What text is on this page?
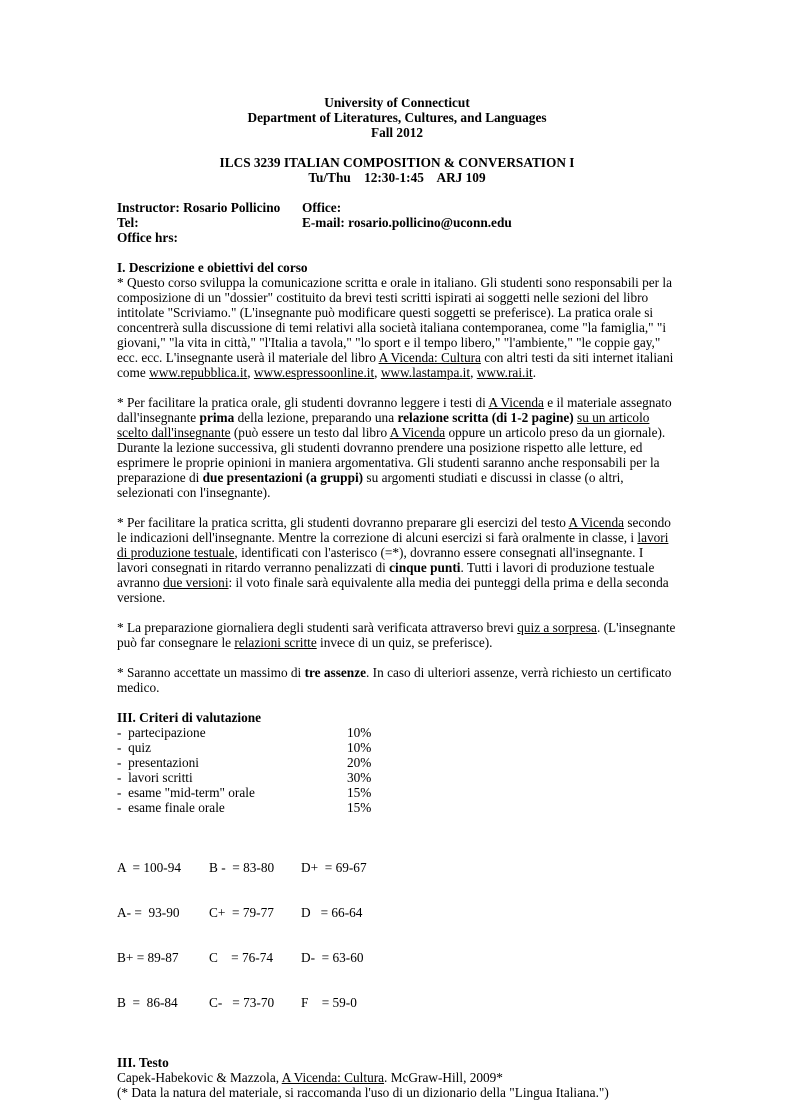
University of Connecticut

Department of Literatures, Cultures, and Languages

Fall 2012

ILCS 3239 ITALIAN COMPOSITION & CONVERSATION I

Tu/Thu    12:30-1:45    ARJ 109

Instructor: Rosario Pollicino	Office:
Tel:	E-mail: rosario.pollicino@uconn.edu

Office hrs:

I. Descrizione e obiettivi del corso

* Questo corso sviluppa la comunicazione scritta e orale in italiano. Gli studenti sono responsabili per la composizione di un "dossier" costituito da brevi testi scritti ispirati ai soggetti nelle sezioni del libro intitolate "Scriviamo." (L'insegnante può modificare questi soggetti se preferisce). La pratica orale si concentrerà sulla discussione di temi relativi alla società italiana contemporanea, come "la famiglia," "i giovani," "la vita in città," "l'Italia a tavola," "lo sport e il tempo libero," "l'ambiente," "le coppie gay," ecc. ecc. L'insegnante userà il materiale del libro A Vicenda: Cultura con altri testi da siti internet italiani come www.repubblica.it, www.espressoonline.it, www.lastampa.it, www.rai.it.

* Per facilitare la pratica orale, gli studenti dovranno leggere i testi di A Vicenda e il materiale assegnato dall'insegnante prima della lezione, preparando una relazione scritta (di 1-2 pagine) su un articolo scelto dall'insegnante (può essere un testo dal libro A Vicenda oppure un articolo preso da un giornale). Durante la lezione successiva, gli studenti dovranno prendere una posizione rispetto alle letture, ed esprimere le proprie opinioni in maniera argomentativa. Gli studenti saranno anche responsabili per la preparazione di due presentazioni (a gruppi) su argomenti studiati e discussi in classe (o altri, selezionati con l'insegnante).

* Per facilitare la pratica scritta, gli studenti dovranno preparare gli esercizi del testo A Vicenda secondo le indicazioni dell'insegnante. Mentre la correzione di alcuni esercizi si farà oralmente in classe, i lavori di produzione testuale, identificati con l'asterisco (=*), dovranno essere consegnati all'insegnante. I lavori consegnati in ritardo verranno penalizzati di cinque punti. Tutti i lavori di produzione testuale avranno due versioni: il voto finale sarà equivalente alla media dei punteggi della prima e della seconda versione.

* La preparazione giornaliera degli studenti sarà verificata attraverso brevi quiz a sorpresa. (L'insegnante può far consegnare le relazioni scritte invece di un quiz, se preferisce).

* Saranno accettate un massimo di tre assenze. In caso di ulteriori assenze, verrà richiesto un certificato medico.

III. Criteri di valutazione

-  partecipazione	10%
-  quiz	10%
-  presentazioni	20%
-  lavori scritti	30%
-  esame "mid-term" orale	15%
-  esame finale orale	15%

A  = 100-94	B -  = 83-80	D+  = 69-67

A- =  93-90	C+  = 79-77	D   = 66-64

B+ = 89-87	C    = 76-74	D-  = 63-60

B  =  86-84	C-   = 73-70	F    = 59-0

III. Testo

Capek-Habekovic & Mazzola, A Vicenda: Cultura. McGraw-Hill, 2009*

(* Data la natura del materiale, si raccomanda l'uso di un dizionario della "Lingua Italiana.")
